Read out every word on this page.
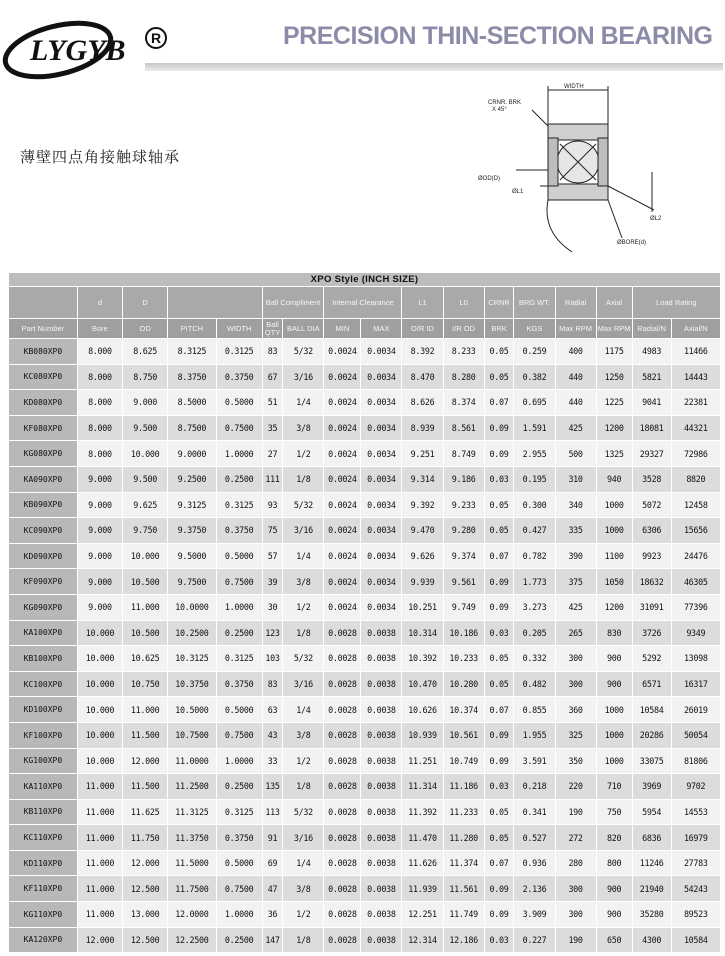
LYGYB	R	PRECISION THIN-SECTION BEARING
薄壁四点角接触球轴承
WIDTH
CRNR. BRK
X 45°
ØOD(D)
ØL1
ØL2
ØBORE(d)
XPO Style (INCH SIZE)																
	d	D			Ball Compliment		Internal Clearance		L1	L0	CRNR	BRG WT.	Radial	Axial	Load Rating	
Part Number	Bore	OD	PITCH	WIDTH	Ball QTY	BALL DIA	MIN	MAX	O/R ID	I/R OD	BRK	KGS	Max RPM	Max RPM	Radial/N	Axial/N
KB080XP0	8.000	8.625	8.3125	0.3125	83	5/32	0.0024	0.0034	8.392	8.233	0.05	0.259	400	1175	4983	11466
KC080XP0	8.000	8.750	8.3750	0.3750	67	3/16	0.0024	0.0034	8.470	8.280	0.05	0.382	440	1250	5821	14443
KD080XP0	8.000	9.000	8.5000	0.5000	51	1/4	0.0024	0.0034	8.626	8.374	0.07	0.695	440	1225	9041	22381
KF080XP0	8.000	9.500	8.7500	0.7500	35	3/8	0.0024	0.0034	8.939	8.561	0.09	1.591	425	1200	18081	44321
KG080XP0	8.000	10.000	9.0000	1.0000	27	1/2	0.0024	0.0034	9.251	8.749	0.09	2.955	500	1325	29327	72986
KA090XP0	9.000	9.500	9.2500	0.2500	111	1/8	0.0024	0.0034	9.314	9.186	0.03	0.195	310	940	3528	8820
KB090XP0	9.000	9.625	9.3125	0.3125	93	5/32	0.0024	0.0034	9.392	9.233	0.05	0.300	340	1000	5072	12458
KC090XP0	9.000	9.750	9.3750	0.3750	75	3/16	0.0024	0.0034	9.470	9.280	0.05	0.427	335	1000	6306	15656
KD090XP0	9.000	10.000	9.5000	0.5000	57	1/4	0.0024	0.0034	9.626	9.374	0.07	0.782	390	1100	9923	24476
KF090XP0	9.000	10.500	9.7500	0.7500	39	3/8	0.0024	0.0034	9.939	9.561	0.09	1.773	375	1050	18632	46305
KG090XP0	9.000	11.000	10.0000	1.0000	30	1/2	0.0024	0.0034	10.251	9.749	0.09	3.273	425	1200	31091	77396
KA100XP0	10.000	10.500	10.2500	0.2500	123	1/8	0.0028	0.0038	10.314	10.186	0.03	0.205	265	830	3726	9349
KB100XP0	10.000	10.625	10.3125	0.3125	103	5/32	0.0028	0.0038	10.392	10.233	0.05	0.332	300	900	5292	13098
KC100XP0	10.000	10.750	10.3750	0.3750	83	3/16	0.0028	0.0038	10.470	10.280	0.05	0.482	300	900	6571	16317
KD100XP0	10.000	11.000	10.5000	0.5000	63	1/4	0.0028	0.0038	10.626	10.374	0.07	0.855	360	1000	10584	26019
KF100XP0	10.000	11.500	10.7500	0.7500	43	3/8	0.0028	0.0038	10.939	10.561	0.09	1.955	325	1000	20286	50054
KG100XP0	10.000	12.000	11.0000	1.0000	33	1/2	0.0028	0.0038	11.251	10.749	0.09	3.591	350	1000	33075	81806
KA110XP0	11.000	11.500	11.2500	0.2500	135	1/8	0.0028	0.0038	11.314	11.186	0.03	0.218	220	710	3969	9702
KB110XP0	11.000	11.625	11.3125	0.3125	113	5/32	0.0028	0.0038	11.392	11.233	0.05	0.341	190	750	5954	14553
KC110XP0	11.000	11.750	11.3750	0.3750	91	3/16	0.0028	0.0038	11.470	11.280	0.05	0.527	272	820	6836	16979
KD110XP0	11.000	12.000	11.5000	0.5000	69	1/4	0.0028	0.0038	11.626	11.374	0.07	0.936	280	800	11246	27783
KF110XP0	11.000	12.500	11.7500	0.7500	47	3/8	0.0028	0.0038	11.939	11.561	0.09	2.136	300	900	21940	54243
KG110XP0	11.000	13.000	12.0000	1.0000	36	1/2	0.0028	0.0038	12.251	11.749	0.09	3.909	300	900	35280	89523
KA120XP0	12.000	12.500	12.2500	0.2500	147	1/8	0.0028	0.0038	12.314	12.186	0.03	0.227	190	650	4300	10584
